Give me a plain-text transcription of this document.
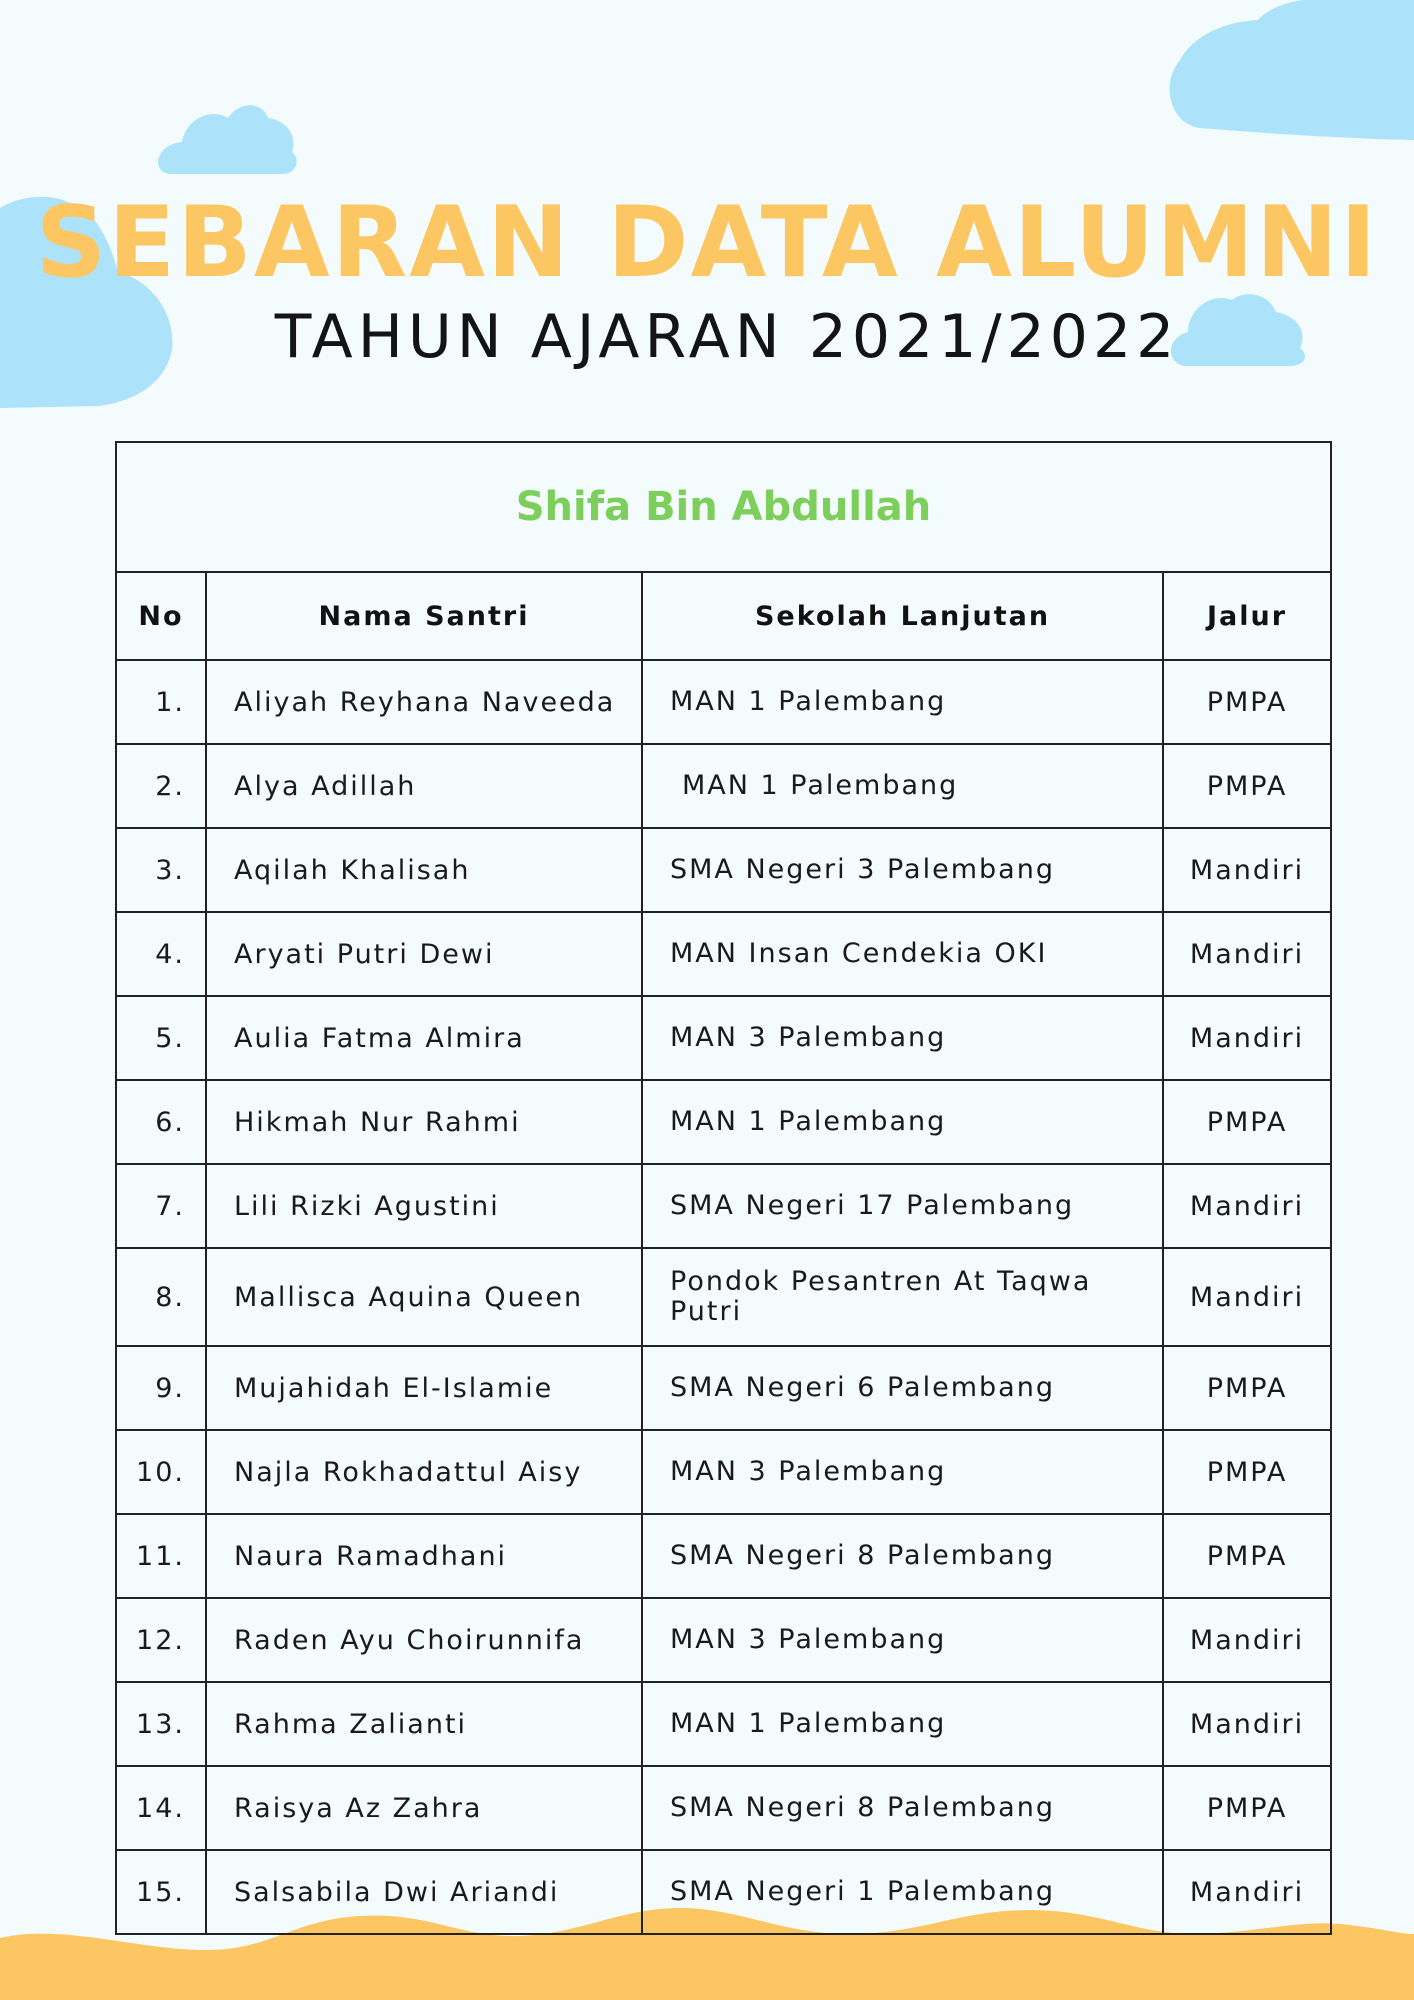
SEBARAN DATA ALUMNI
TAHUN AJARAN 2021/2022
Shifa Bin Abdullah			
No	Nama Santri	Sekolah Lanjutan	Jalur
1.	Aliyah Reyhana Naveeda	MAN 1 Palembang	PMPA
2.	Alya Adillah	MAN 1 Palembang	PMPA
3.	Aqilah Khalisah	SMA Negeri 3 Palembang	Mandiri
4.	Aryati Putri Dewi	MAN Insan Cendekia OKI	Mandiri
5.	Aulia Fatma Almira	MAN 3 Palembang	Mandiri
6.	Hikmah Nur Rahmi	MAN 1 Palembang	PMPA
7.	Lili Rizki Agustini	SMA Negeri 17 Palembang	Mandiri
8.	Mallisca Aquina Queen	Pondok Pesantren At Taqwa Putri	Mandiri
9.	Mujahidah El-Islamie	SMA Negeri 6 Palembang	PMPA
10.	Najla Rokhadattul Aisy	MAN 3 Palembang	PMPA
11.	Naura Ramadhani	SMA Negeri 8 Palembang	PMPA
12.	Raden Ayu Choirunnifa	MAN 3 Palembang	Mandiri
13.	Rahma Zalianti	MAN 1 Palembang	Mandiri
14.	Raisya Az Zahra	SMA Negeri 8 Palembang	PMPA
15.	Salsabila Dwi Ariandi	SMA Negeri 1 Palembang	Mandiri
